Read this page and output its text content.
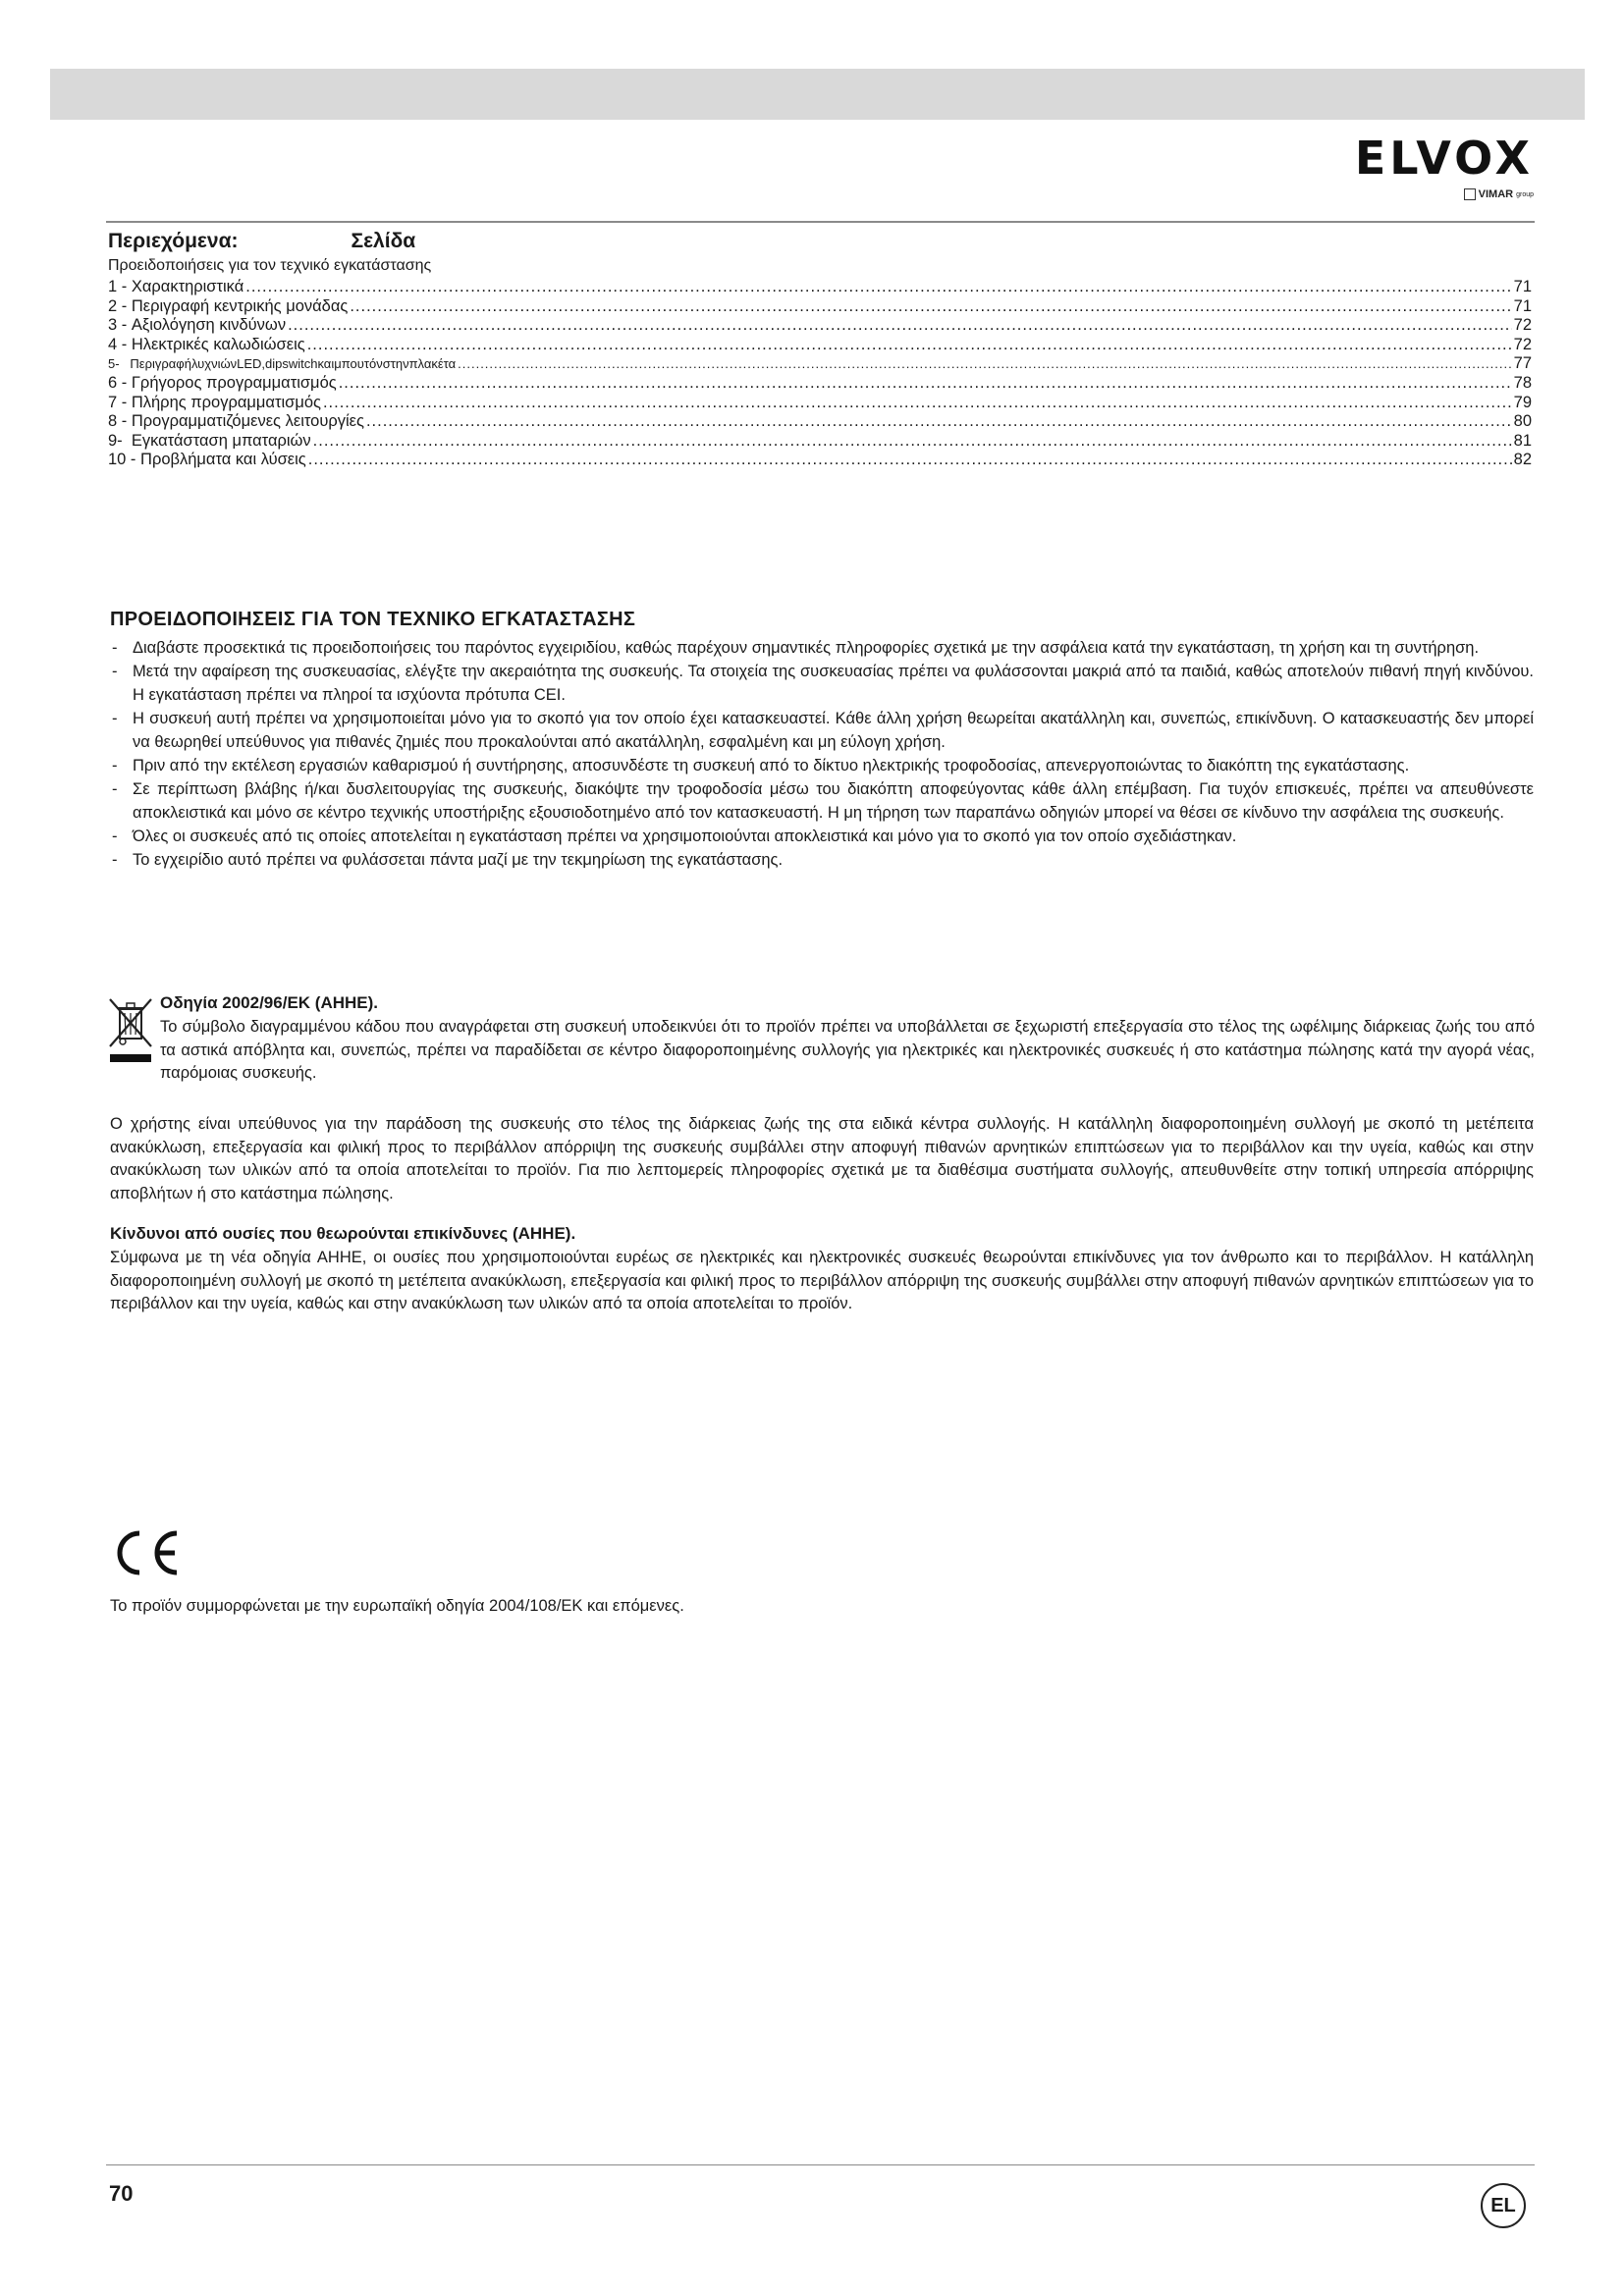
ELVOX
VIMAR group
Περιεχόμενα:	Σελίδα
Προειδοποιήσεις για τον τεχνικό εγκατάστασης
1 - Χαρακτηριστικά .....	71
2 - Περιγραφή κεντρικής μονάδας .....	71
3 - Αξιολόγηση κινδύνων .....	72
4 - Ηλεκτρικές καλωδιώσεις .....	72
5- ΠεριγραφήλυχνιώνLED,dipswitchκαιμπουτόνστηνπλακέτα .....	77
6 - Γρήγορος προγραμματισμός .....	78
7 - Πλήρης προγραμματισμός .....	79
8 - Προγραμματιζόμενες λειτουργίες .....	80
9- Εγκατάσταση μπαταριών .....	81
10 - Προβλήματα και λύσεις .....	82
ΠΡΟΕΙΔΟΠΟΙΗΣΕΙΣ ΓΙΑ ΤΟΝ ΤΕΧΝΙΚΟ ΕΓΚΑΤΑΣΤΑΣΗΣ
- Διαβάστε προσεκτικά τις προειδοποιήσεις του παρόντος εγχειριδίου, καθώς παρέχουν σημαντικές πληροφορίες σχετικά με την ασφάλεια κατά την εγκατάσταση, τη χρήση και τη συντήρηση.
- Μετά την αφαίρεση της συσκευασίας, ελέγξτε την ακεραιότητα της συσκευής. Τα στοιχεία της συσκευασίας πρέπει να φυλάσσονται μακριά από τα παιδιά, καθώς αποτελούν πιθανή πηγή κινδύνου. Η εγκατάσταση πρέπει να πληροί τα ισχύοντα πρότυπα CEI.
- Η συσκευή αυτή πρέπει να χρησιμοποιείται μόνο για το σκοπό για τον οποίο έχει κατασκευαστεί. Κάθε άλλη χρήση θεωρείται ακατάλληλη και, συνεπώς, επικίνδυνη. Ο κατασκευαστής δεν μπορεί να θεωρηθεί υπεύθυνος για πιθανές ζημιές που προκαλούνται από ακατάλληλη, εσφαλμένη και μη εύλογη χρήση.
- Πριν από την εκτέλεση εργασιών καθαρισμού ή συντήρησης, αποσυνδέστε τη συσκευή από το δίκτυο ηλεκτρικής τροφοδοσίας, απενεργοποιώντας το διακόπτη της εγκατάστασης.
- Σε περίπτωση βλάβης ή/και δυσλειτουργίας της συσκευής, διακόψτε την τροφοδοσία μέσω του διακόπτη αποφεύγοντας κάθε άλλη επέμβαση. Για τυχόν επισκευές, πρέπει να απευθύνεστε αποκλειστικά και μόνο σε κέντρο τεχνικής υποστήριξης εξουσιοδοτημένο από τον κατασκευαστή. Η μη τήρηση των παραπάνω οδηγιών μπορεί να θέσει σε κίνδυνο την ασφάλεια της συσκευής.
- Όλες οι συσκευές από τις οποίες αποτελείται η εγκατάσταση πρέπει να χρησιμοποιούνται αποκλειστικά και μόνο για το σκοπό για τον οποίο σχεδιάστηκαν.
- Το εγχειρίδιο αυτό πρέπει να φυλάσσεται πάντα μαζί με την τεκμηρίωση της εγκατάστασης.
Οδηγία 2002/96/ΕΚ (ΑΗΗΕ).
Το σύμβολο διαγραμμένου κάδου που αναγράφεται στη συσκευή υποδεικνύει ότι το προϊόν πρέπει να υποβάλλεται σε ξεχωριστή επεξεργασία στο τέλος της ωφέλιμης διάρκειας ζωής του από τα αστικά απόβλητα και, συνεπώς, πρέπει να παραδίδεται σε κέντρο διαφοροποιημένης συλλογής για ηλεκτρικές και ηλεκτρονικές συσκευές ή στο κατάστημα πώλησης κατά την αγορά νέας, παρόμοιας συσκευής.

Ο χρήστης είναι υπεύθυνος για την παράδοση της συσκευής στο τέλος της διάρκειας ζωής της στα ειδικά κέντρα συλλογής. Η κατάλληλη διαφοροποιημένη συλλογή με σκοπό τη μετέπειτα ανακύκλωση, επεξεργασία και φιλική προς το περιβάλλον απόρριψη της συσκευής συμβάλλει στην αποφυγή πιθανών αρνητικών επιπτώσεων για το περιβάλλον και την υγεία, καθώς και στην ανακύκλωση των υλικών από τα οποία αποτελείται το προϊόν. Για πιο λεπτομερείς πληροφορίες σχετικά με τα διαθέσιμα συστήματα συλλογής, απευθυνθείτε στην τοπική υπηρεσία απόρριψης αποβλήτων ή στο κατάστημα πώλησης.

Κίνδυνοι από ουσίες που θεωρούνται επικίνδυνες (ΑΗΗΕ).

Σύμφωνα με τη νέα οδηγία ΑΗΗΕ, οι ουσίες που χρησιμοποιούνται ευρέως σε ηλεκτρικές και ηλεκτρονικές συσκευές θεωρούνται επικίνδυνες για τον άνθρωπο και το περιβάλλον. Η κατάλληλη διαφοροποιημένη συλλογή με σκοπό τη μετέπειτα ανακύκλωση, επεξεργασία και φιλική προς το περιβάλλον απόρριψη της συσκευής συμβάλλει στην αποφυγή πιθανών αρνητικών επιπτώσεων για το περιβάλλον και την υγεία, καθώς και στην ανακύκλωση των υλικών από τα οποία αποτελείται το προϊόν.

Το προϊόν συμμορφώνεται με την ευρωπαϊκή οδηγία 2004/108/ΕΚ και επόμενες.

70	EL
